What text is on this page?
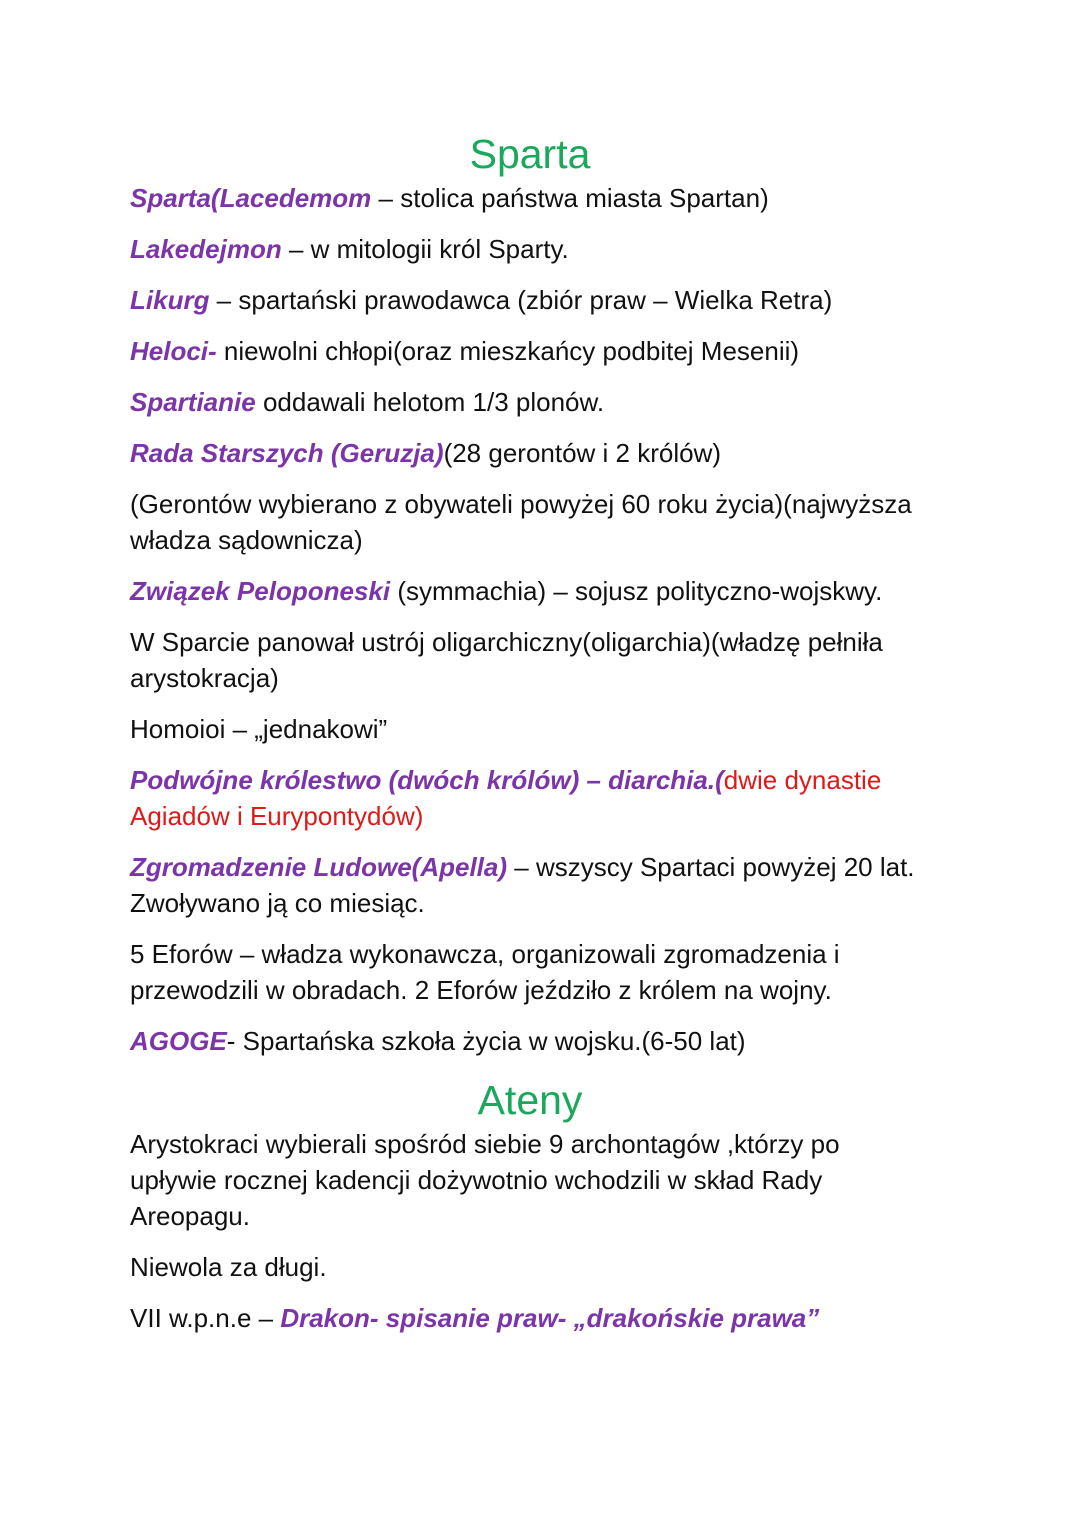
Sparta

Sparta(Lacedemom – stolica państwa miasta Spartan)

Lakedejmon – w mitologii król Sparty.

Likurg – spartański prawodawca (zbiór praw – Wielka Retra)

Heloci- niewolni chłopi(oraz mieszkańcy podbitej Mesenii)

Spartianie oddawali helotom 1/3 plonów.

Rada Starszych (Geruzja)(28 gerontów i 2 królów)

(Gerontów wybierano z obywateli powyżej 60 roku życia)(najwyższa władza sądownicza)

Związek Peloponeski (symmachia) – sojusz polityczno-wojskwy.

W Sparcie panował ustrój oligarchiczny(oligarchia)(władzę pełniła arystokracja)

Homoioi – „jednakowi”

Podwójne królestwo (dwóch królów) – diarchia.(dwie dynastie Agiadów i Eurypontydów)

Zgromadzenie Ludowe(Apella) – wszyscy Spartaci powyżej 20 lat. Zwoływano ją co miesiąc.

5 Eforów – władza wykonawcza, organizowali zgromadzenia i przewodzili w obradach. 2 Eforów jeździło z królem na wojny.

AGOGE- Spartańska szkoła życia w wojsku.(6-50 lat)

Ateny

Arystokraci wybierali spośród siebie 9 archontagów ,którzy po upływie rocznej kadencji dożywotnio wchodzili w skład Rady Areopagu.

Niewola za długi.

VII w.p.n.e – Drakon- spisanie praw- „drakońskie prawa”
